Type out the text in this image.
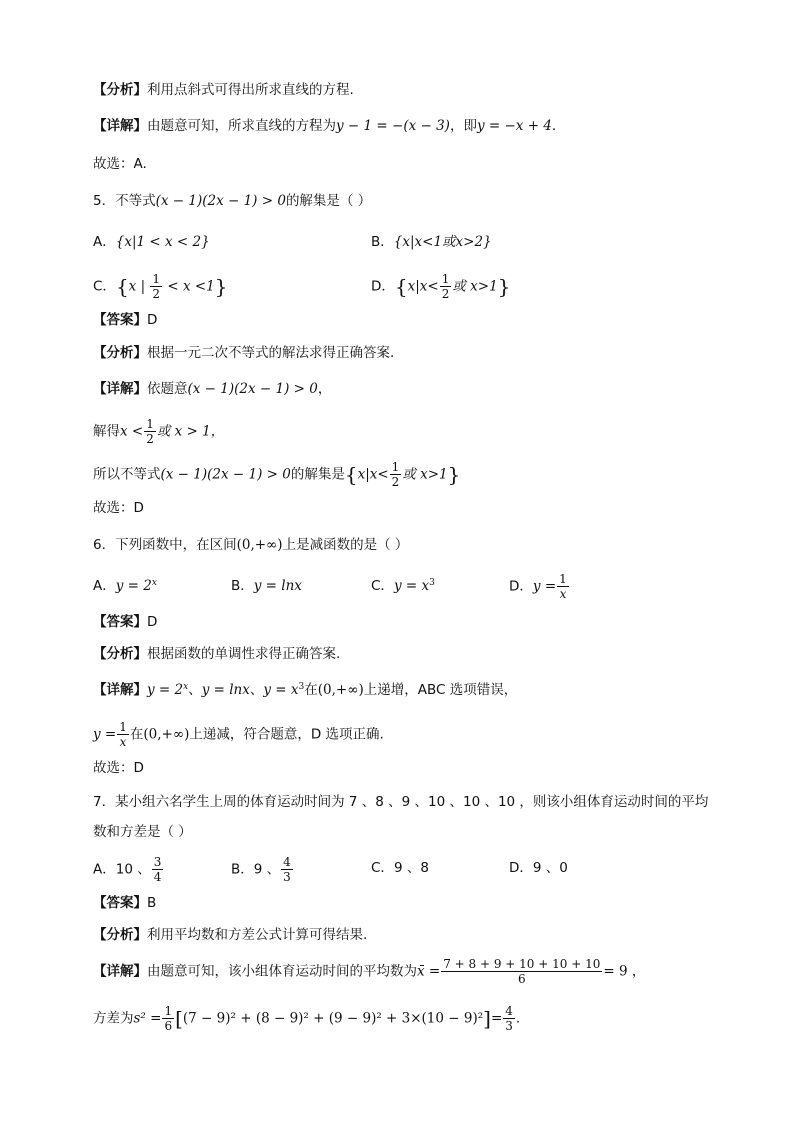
【分析】利用点斜式可得出所求直线的方程.
【详解】由题意可知，所求直线的方程为y − 1 = −(x − 3)，即y = −x + 4.
故选：A.
5．不等式(x − 1)(2x − 1) > 0的解集是（ ）
A．{x|1 < x < 2}	B．{x|x<1或x>2}
C．{x | $\frac{1}{2} < x <1$}	D．{$x|x< \frac{1}{2}$ 或 x>1}
【答案】D
【分析】根据一元二次不等式的解法求得正确答案.
【详解】依题意(x − 1)(2x − 1) > 0，
解得$x < \frac{1}{2}$ 或 x > 1，
所以不等式(x − 1)(2x − 1) > 0的解集是{$x|x< \frac{1}{2}$ 或 x>1}
故选：D
6．下列函数中，在区间(0,+∞)上是减函数的是（ ）
A．$y = 2^x$	B．y = lnx	C．$y = x^3$	D．$y = \frac{1}{x}$
【答案】D
【分析】根据函数的单调性求得正确答案.
【详解】$y = 2^x$、y = lnx、$y = x^3$在(0,+∞)上递增，ABC 选项错误，
$y = \frac{1}{x}$ 在(0,+∞)上递减，符合题意，D 选项正确.
故选：D
7．某小组六名学生上周的体育运动时间为 7 、8 、9 、10 、10 、10 ，则该小组体育运动时间的平均
数和方差是（ ）
A．10 、 $\frac{3}{4}$	B．9 、 $\frac{4}{3}$	C．9 、8	D．9 、0
【答案】B
【分析】利用平均数和方差公式计算可得结果.
【详解】由题意可知，该小组体育运动时间的平均数为x̄ = $\frac{7 + 8 + 9 + 10 + 10 + 10}{6} = 9$ ，
方差为$s^2 = \frac{1}{6} [(7 - 9)^2 + (8 - 9)^2 + (9 - 9)^2 + 3\times(10 - 9)^2]= \frac{4}{3}$ .
